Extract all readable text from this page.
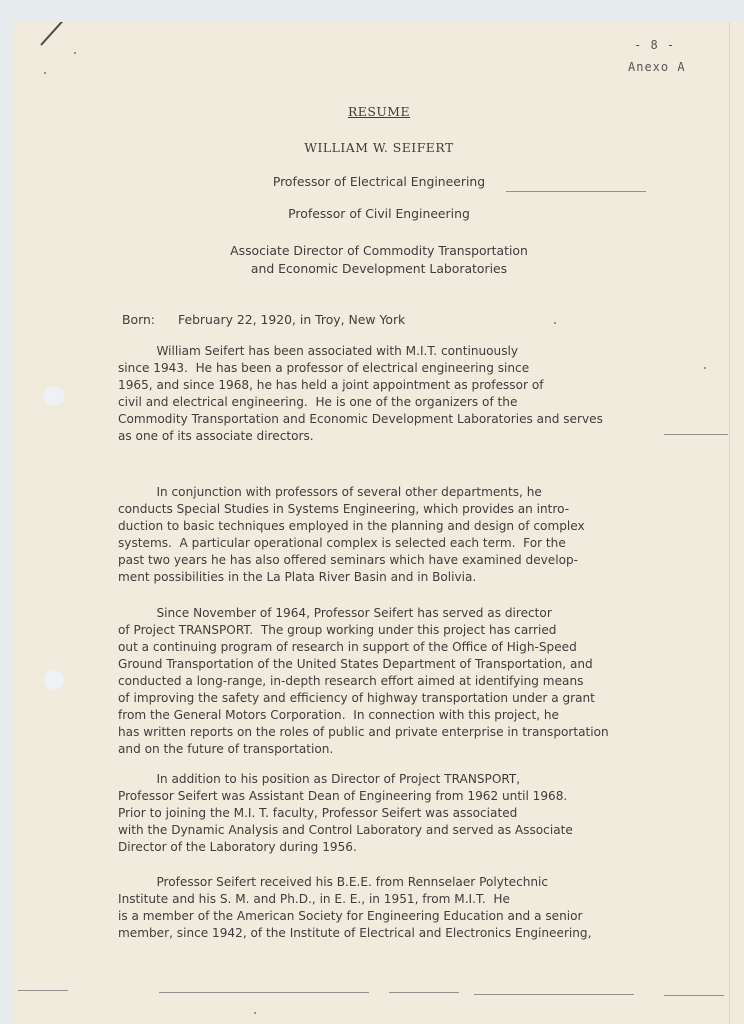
- 8 -
Anexo A
RESUME
WILLIAM W. SEIFERT
Professor of Electrical Engineering
Professor of Civil Engineering
Associate Director of Commodity Transportation
and Economic Development Laboratories
Born: February 22, 1920, in Troy, New York
William Seifert has been associated with M.I.T. continuously
since 1943.  He has been a professor of electrical engineering since
1965, and since 1968, he has held a joint appointment as professor of
civil and electrical engineering.  He is one of the organizers of the
Commodity Transportation and Economic Development Laboratories and serves
as one of its associate directors.
In conjunction with professors of several other departments, he
conducts Special Studies in Systems Engineering, which provides an intro-
duction to basic techniques employed in the planning and design of complex
systems.  A particular operational complex is selected each term.  For the
past two years he has also offered seminars which have examined develop-
ment possibilities in the La Plata River Basin and in Bolivia.
Since November of 1964, Professor Seifert has served as director
of Project TRANSPORT.  The group working under this project has carried
out a continuing program of research in support of the Office of High-Speed
Ground Transportation of the United States Department of Transportation, and
conducted a long-range, in-depth research effort aimed at identifying means
of improving the safety and efficiency of highway transportation under a grant
from the General Motors Corporation.  In connection with this project, he
has written reports on the roles of public and private enterprise in transportation
and on the future of transportation.
In addition to his position as Director of Project TRANSPORT,
Professor Seifert was Assistant Dean of Engineering from 1962 until 1968.
Prior to joining the M.I. T. faculty, Professor Seifert was associated
with the Dynamic Analysis and Control Laboratory and served as Associate
Director of the Laboratory during 1956.
Professor Seifert received his B.E.E. from Rennselaer Polytechnic
Institute and his S. M. and Ph.D., in E. E., in 1951, from M.I.T.  He
is a member of the American Society for Engineering Education and a senior
member, since 1942, of the Institute of Electrical and Electronics Engineering,
